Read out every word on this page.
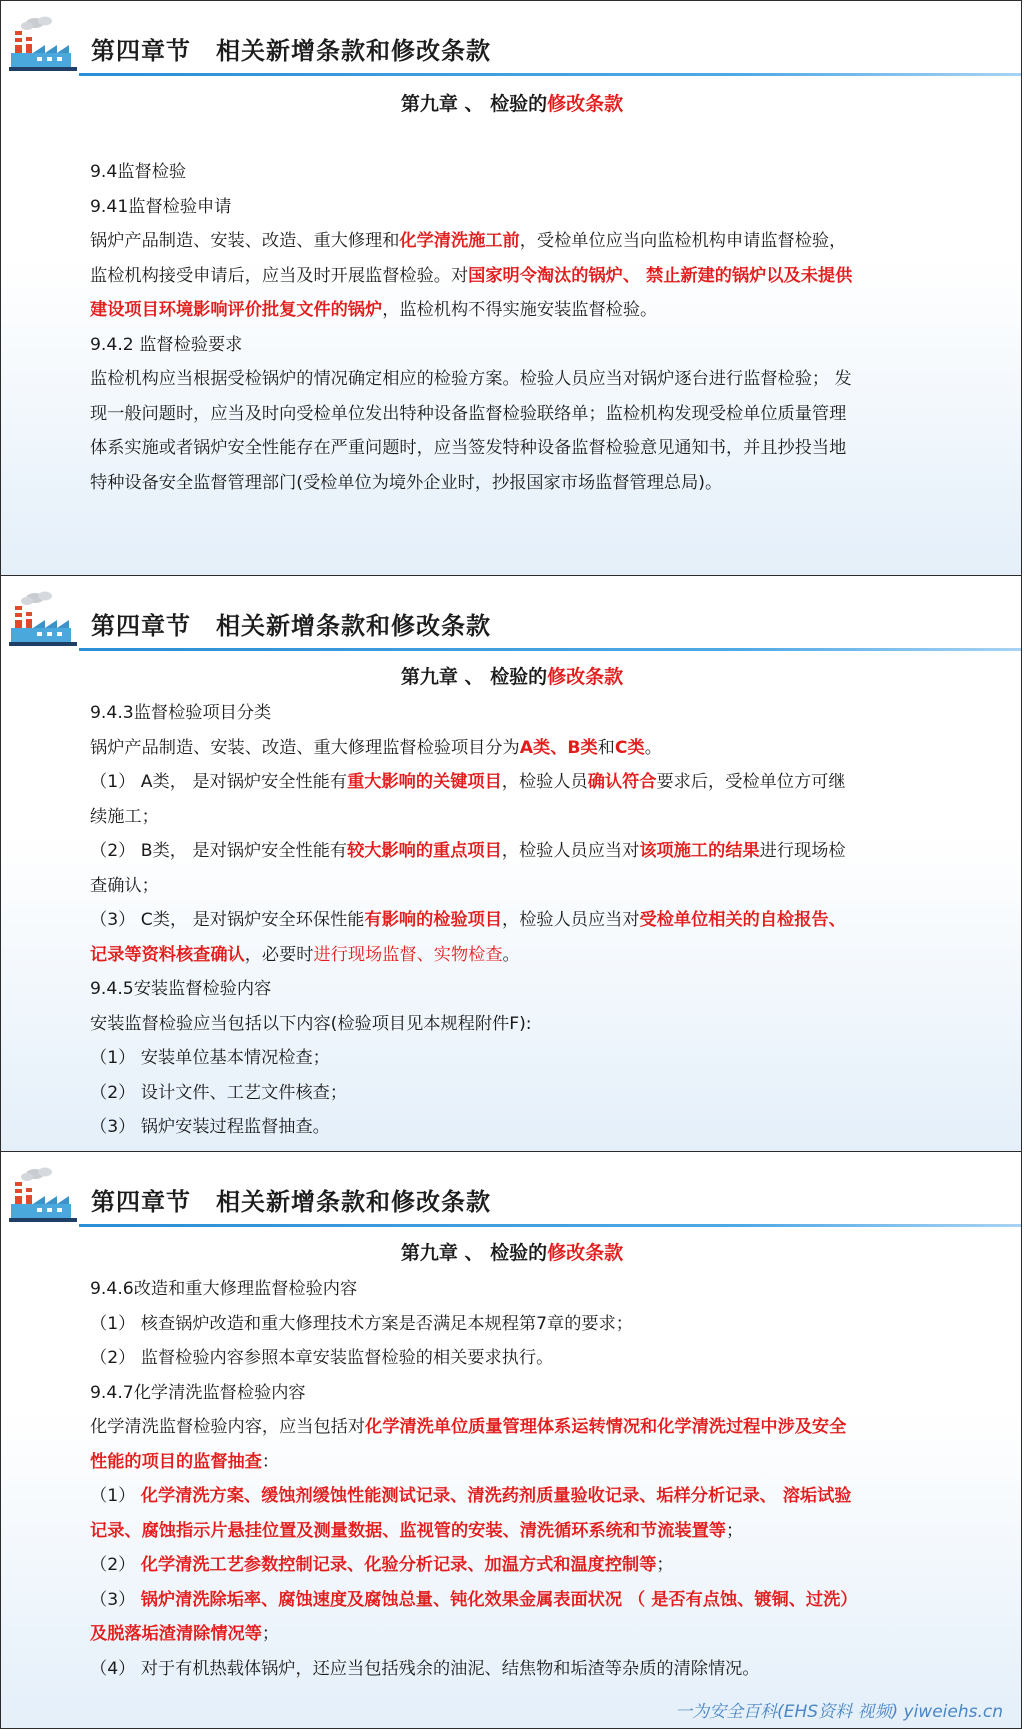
第四章节　相关新增条款和修改条款
第九章 、 检验的修改条款
9.4监督检验
9.41监督检验申请
锅炉产品制造、安装、改造、重大修理和化学清洗施工前，受检单位应当向监检机构申请监督检验，
监检机构接受申请后，应当及时开展监督检验。对国家明令淘汰的锅炉、 禁止新建的锅炉以及未提供
建设项目环境影响评价批复文件的锅炉，监检机构不得实施安装监督检验。
9.4.2 监督检验要求
监检机构应当根据受检锅炉的情况确定相应的检验方案。检验人员应当对锅炉逐台进行监督检验； 发
现一般问题时，应当及时向受检单位发出特种设备监督检验联络单；监检机构发现受检单位质量管理
体系实施或者锅炉安全性能存在严重问题时，应当签发特种设备监督检验意见通知书，并且抄投当地
特种设备安全监督管理部门(受检单位为境外企业时，抄报国家市场监督管理总局)。
第四章节　相关新增条款和修改条款
第九章 、 检验的修改条款
9.4.3监督检验项目分类
锅炉产品制造、安装、改造、重大修理监督检验项目分为A类、B类和C类。
（1） A类， 是对锅炉安全性能有重大影响的关键项目，检验人员确认符合要求后，受检单位方可继
续施工；
（2） B类， 是对锅炉安全性能有较大影响的重点项目，检验人员应当对该项施工的结果进行现场检
查确认；
（3） C类， 是对锅炉安全环保性能有影响的检验项目，检验人员应当对受检单位相关的自检报告、
记录等资料核查确认，必要时进行现场监督、实物检查。
9.4.5安装监督检验内容
安装监督检验应当包括以下内容(检验项目见本规程附件F):
（1） 安装单位基本情况检查；
（2） 设计文件、工艺文件核查；
（3） 锅炉安装过程监督抽查。
第四章节　相关新增条款和修改条款
第九章 、 检验的修改条款
9.4.6改造和重大修理监督检验内容
（1） 核查锅炉改造和重大修理技术方案是否满足本规程第7章的要求；
（2） 监督检验内容参照本章安装监督检验的相关要求执行。
9.4.7化学清洗监督检验内容
化学清洗监督检验内容，应当包括对化学清洗单位质量管理体系运转情况和化学清洗过程中涉及安全
性能的项目的监督抽查：
（1） 化学清洗方案、缓蚀剂缓蚀性能测试记录、清洗药剂质量验收记录、垢样分析记录、 溶垢试验
记录、腐蚀指示片悬挂位置及测量数据、监视管的安装、清洗循环系统和节流装置等；
（2） 化学清洗工艺参数控制记录、化验分析记录、加温方式和温度控制等；
（3） 锅炉清洗除垢率、腐蚀速度及腐蚀总量、钝化效果金属表面状况 （ 是否有点蚀、镀铜、过洗）
及脱落垢渣清除情况等；
（4） 对于有机热载体锅炉，还应当包括残余的油泥、结焦物和垢渣等杂质的清除情况。
一为安全百科(EHS资料 视频) yiweiehs.cn
